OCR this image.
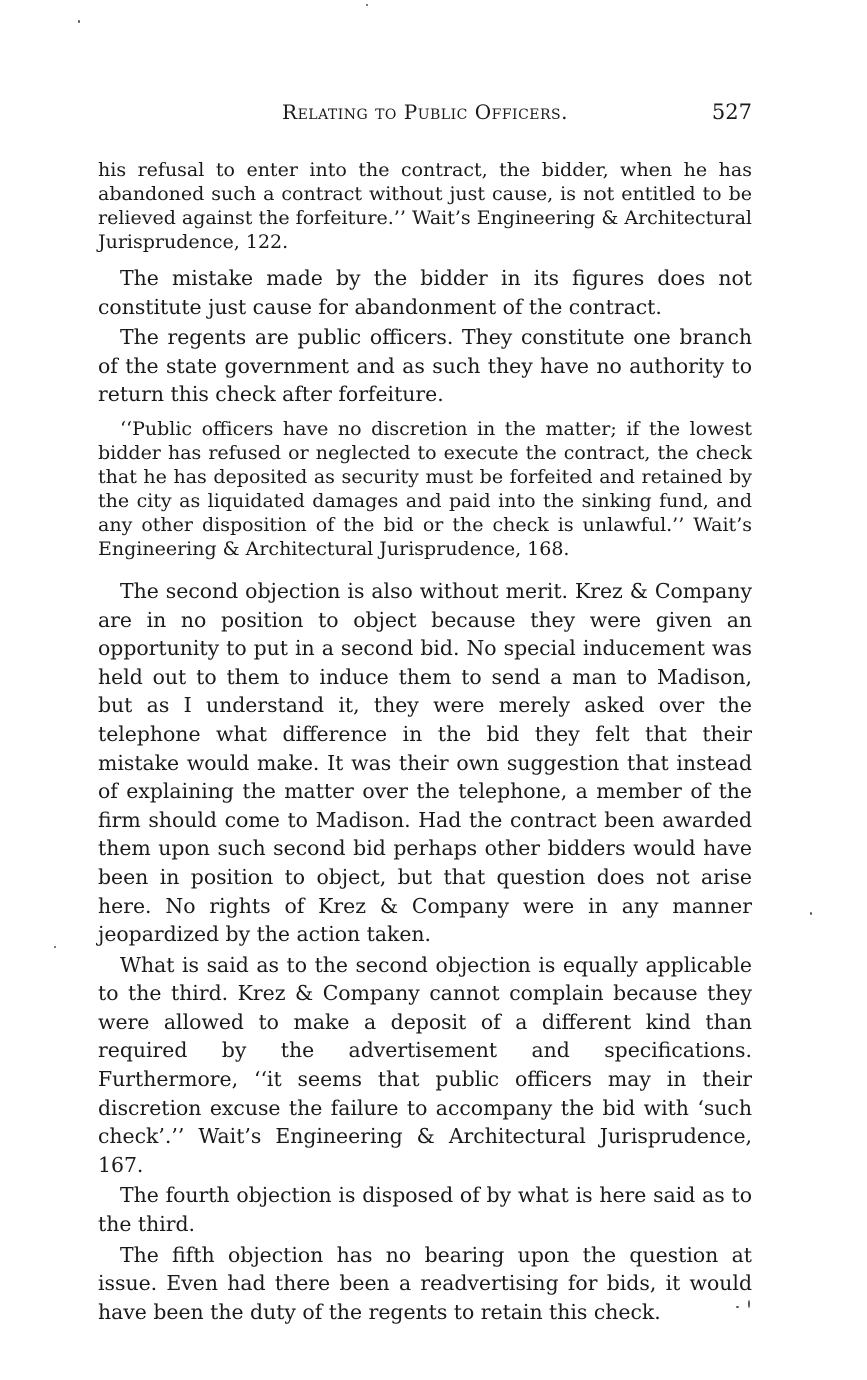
Relating to Public Officers.	527

his refusal to enter into the contract, the bidder, when he has abandoned such a contract without just cause, is not entitled to be relieved against the forfeiture.’’ Wait’s Engineering & Architectural Jurisprudence, 122.

The mistake made by the bidder in its figures does not constitute just cause for abandonment of the contract.

The regents are public officers. They constitute one branch of the state government and as such they have no authority to return this check after forfeiture.

‘‘Public officers have no discretion in the matter; if the lowest bidder has refused or neglected to execute the contract, the check that he has deposited as security must be forfeited and retained by the city as liquidated damages and paid into the sinking fund, and any other disposition of the bid or the check is unlawful.’’ Wait’s Engineering & Architectural Jurisprudence, 168.

The second objection is also without merit. Krez & Company are in no position to object because they were given an opportunity to put in a second bid. No special inducement was held out to them to induce them to send a man to Madison, but as I understand it, they were merely asked over the telephone what difference in the bid they felt that their mistake would make. It was their own suggestion that instead of explaining the matter over the telephone, a member of the firm should come to Madison. Had the contract been awarded them upon such second bid perhaps other bidders would have been in position to object, but that question does not arise here. No rights of Krez & Company were in any manner jeopardized by the action taken.

What is said as to the second objection is equally applicable to the third. Krez & Company cannot complain because they were allowed to make a deposit of a different kind than required by the advertisement and specifications. Furthermore, ‘‘it seems that public officers may in their discretion excuse the failure to accompany the bid with ‘such check’.’’ Wait’s Engineering & Architectural Jurisprudence, 167.

The fourth objection is disposed of by what is here said as to the third.

The fifth objection has no bearing upon the question at issue. Even had there been a readvertising for bids, it would have been the duty of the regents to retain this check.
